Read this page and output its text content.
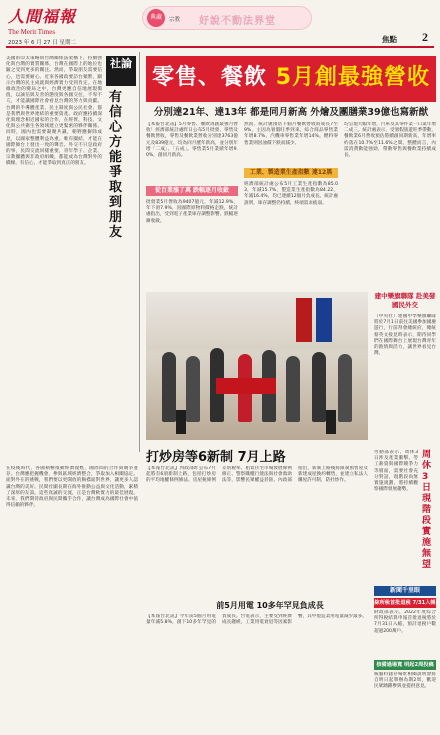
人間福報
The Merit Times
2023 年 6 月 27 日 星期二
典藏	宗教 好說不動法界堂
焦點 2
社論
有信心方能爭取到朋友
美國的印太策略與台灣關係法架構下，持續強化與台灣的實質關係，台灣在國際上的地位也隨之受到更多的關注。然而，爭取朋友需要信心，也需要耐心。近來各國政要訪台頻繁，顯示台灣的民主成就與經濟實力受到肯定。在地緣政治的變局之中，台灣更應自信地展現價值，以誠信與友善的態度與各國交往，不卑不亢，才能讓國際社會看見台灣的努力與貢獻。台灣的半導體產業、民主制度與公民社會，都是我們與世界連結的重要資產。政府應持續深化與理念相近國家的合作，在經貿、科技、文化與公共衛生各領域建立更緊密的夥伴關係。同時，國內也需要凝聚共識，朝野應摒除成見，以國家整體利益為重。唯有團結，才能在國際舞台上發出一致的聲音。外交不只是政府的事，民間交流同樣重要，青年學子、企業、宗教團體與非政府組織，都能成為台灣對外的橋樑。有信心，才能爭取到真正的朋友。
在疫後時代，各國積極推動經濟復甦，國際間的合作與競爭並存。台灣應把握機會，參與區域經濟整合，爭取加入相關協定。面對外在的挑戰，我們要以更開放的胸襟面對世界，讓更多人認識台灣的美好。民間社團長期在海外推動公益與文化活動，累積了深厚的友誼。這些真誠的交流，正是台灣軟實力的最佳展現。未來，我們期待政府與民間攜手合作，讓台灣成為國際社會中值得信賴的夥伴。
零售、餐飲 5月創最強營收
分別達21年、達13年 都是同月新高 外燴及團膳業39億也寫新猷
【本報台北訊】5月零售、餐飲再創最強月營收！經濟部統計處昨日公布5月批發、零售及餐飲營收，零售及餐飲業營收分別達3763億元及839億元，均為同月歷年新高，並分別年增「二成」、「五成」。零售業5月業績年增9.0%，創同月新高。
從百業漲了萬 跌幅逐月收斂
批發業5月營收為9407億元，年減12.9%，年下滑7.9%，因國際原物料價格走跌，統計處指出，受到電子產業庫存調整影響，跌幅逐漸收斂。
然而，統計處預估下個月餐飲營收將成長7至9%，主因為暑假旺季到來。綜合商品零售業年增8.7%，汽機車零售業年增14%。燃料零售業則因油價下跌而減少。
工業、製造業生產指數 連12黑
經濟部統計處公布5月工業生產指數為85.03，年減15.7%，製造業生產指數為84.22，年減16.4%，均已連續12個月負成長。統計處說明，庫存調整仍持續，終端需求疲弱。
均呈現大幅年增，汽車及其零件業一口氣年增二成三。統計處表示，受暑假旅遊旺季帶動，餐飲業6月營收預估將續創同期新高，年增率約落在10.7%至11.6%之間。整體而言，內需消費動能強勁，帶動零售與餐飲業持續成長。
建中樂旗聯隊 赴美發國民外交
（中央社）建國中學樂旗聯隊將於7月1日前往美國參加國慶遊行，行前拜會總統府，總統蔡英文接見時表示，期待同學們在國際舞台上展現台灣青年的熱情與活力，讓世界看見台灣。
打炒房等6新制 7月上路
【本報台北訊】內政部昨公布7月起將有6項新制上路，包括打炒房的平均地權條例修法、房屋稅條例差別稅率、租賃住宅市場發展條例修正、警察職權行使法與社會救助法等，影響民眾權益甚鉅。內政部指出，新制上路後將限制預售屋及新建成屋換約轉售，並建立私法人購屋許可制，防杜炒作。
前5月用電 10多年罕見負成長
【本報台北訊】今年前5個月用電量年減5.8%，創下10多年罕見的負成長。台電表示，主要受到經濟成長趨緩、工業用電衰退等因素影響，其中製造業用電量減少最多。
周休3日 現階段實施無望
勞動部表示，周休3日涉及產業衝擊、勞工薪資與國際競爭力等層面，需要社會充分對話，現階段尚無實施規劃，將持續觀察國際發展趨勢。
新聞千里眼
綜所稅首批退稅 7/31入帳
財政部表示，2022年度綜合所得稅結算申報首批退稅將於7月31日入帳，預計退稅戶數超過200萬戶。
核備過場寬 明起2周投稿
核廢料儲存場址相關說明會將自明日起舉辦為期2周，歡迎民眾踴躍參與並提供意見。
